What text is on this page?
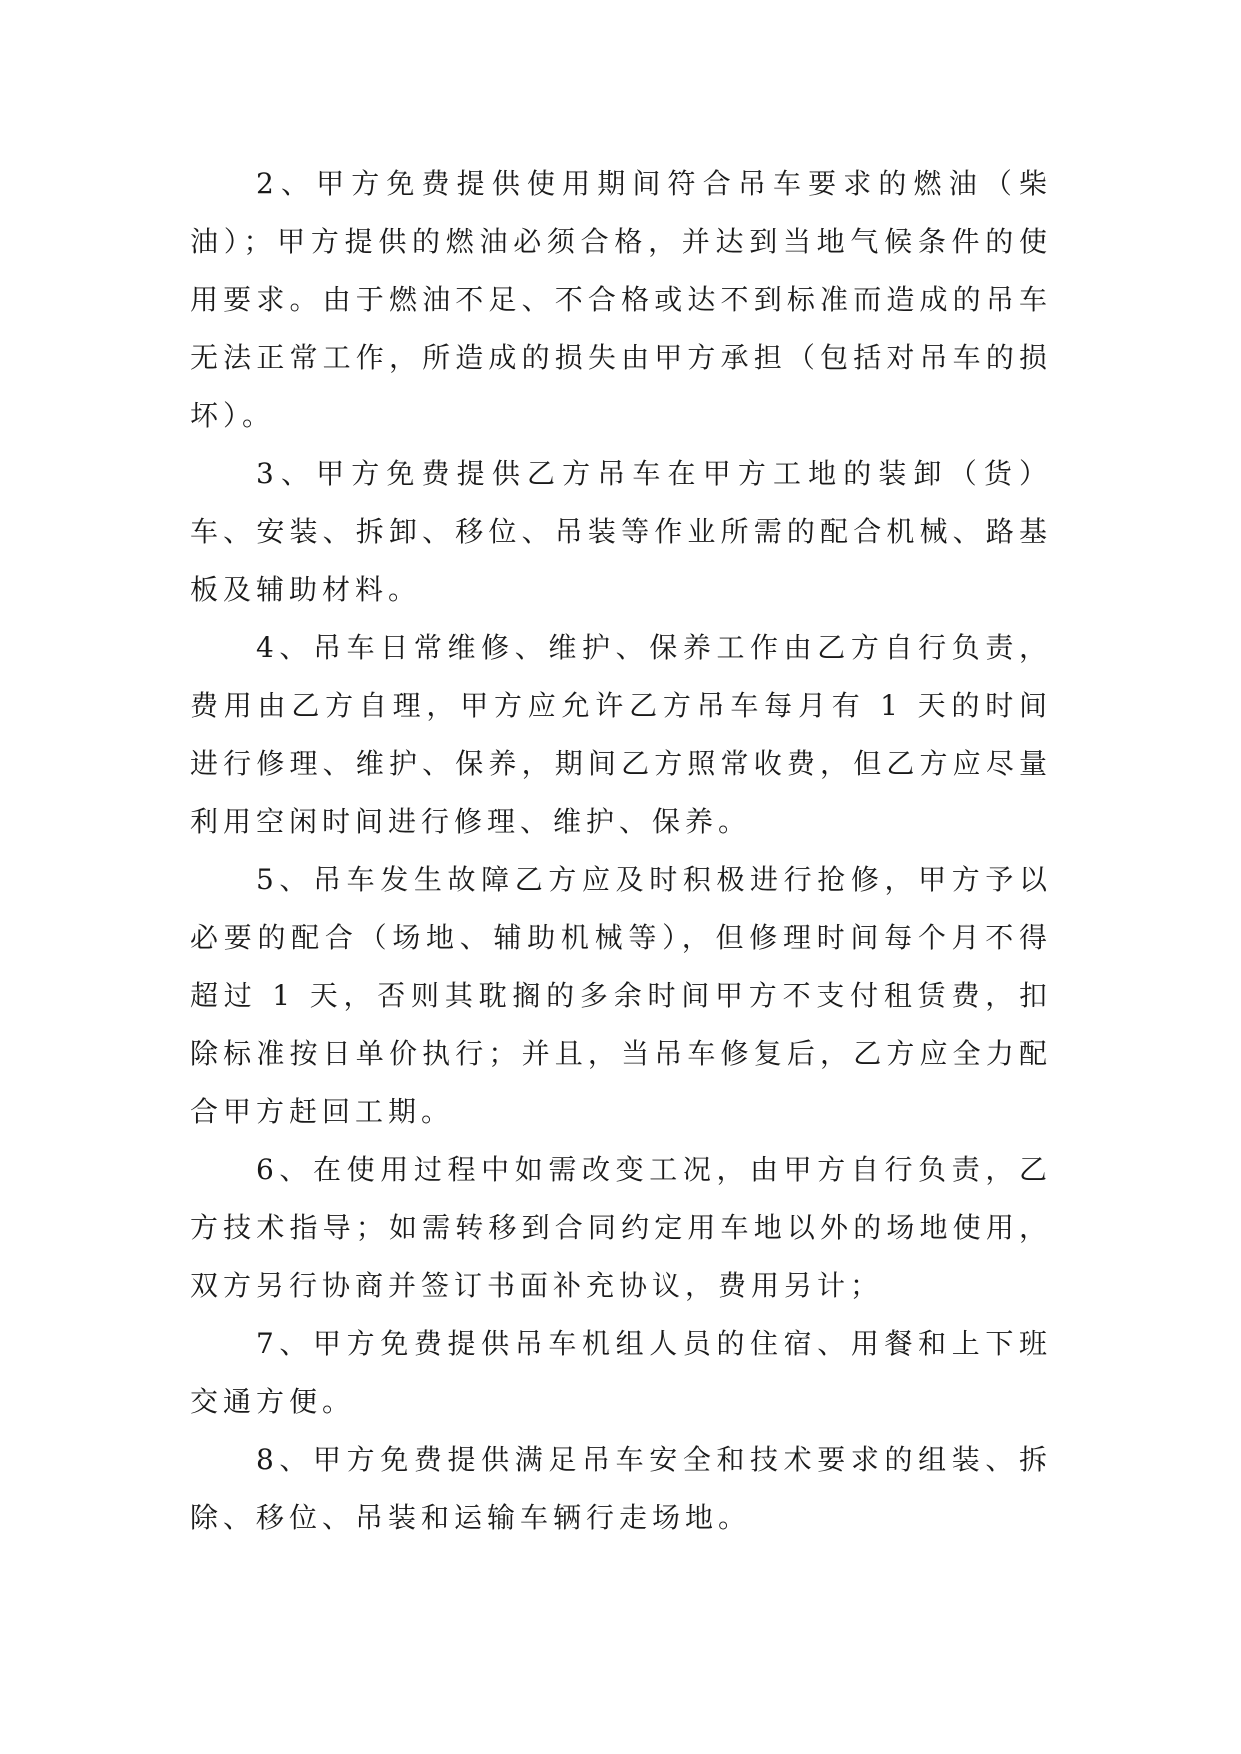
2、甲方免费提供使用期间符合吊车要求的燃油（柴油）；甲方提供的燃油必须合格，并达到当地气候条件的使用要求。由于燃油不足、不合格或达不到标准而造成的吊车无法正常工作，所造成的损失由甲方承担（包括对吊车的损坏）。

3、甲方免费提供乙方吊车在甲方工地的装卸（货）车、安装、拆卸、移位、吊装等作业所需的配合机械、路基板及辅助材料。

4、吊车日常维修、维护、保养工作由乙方自行负责，费用由乙方自理，甲方应允许乙方吊车每月有 1 天的时间进行修理、维护、保养，期间乙方照常收费，但乙方应尽量利用空闲时间进行修理、维护、保养。

5、吊车发生故障乙方应及时积极进行抢修，甲方予以必要的配合（场地、辅助机械等），但修理时间每个月不得超过 1 天，否则其耽搁的多余时间甲方不支付租赁费，扣除标准按日单价执行；并且，当吊车修复后，乙方应全力配合甲方赶回工期。

6、在使用过程中如需改变工况，由甲方自行负责，乙方技术指导；如需转移到合同约定用车地以外的场地使用，双方另行协商并签订书面补充协议，费用另计；

7、甲方免费提供吊车机组人员的住宿、用餐和上下班交通方便。

8、甲方免费提供满足吊车安全和技术要求的组装、拆除、移位、吊装和运输车辆行走场地。
